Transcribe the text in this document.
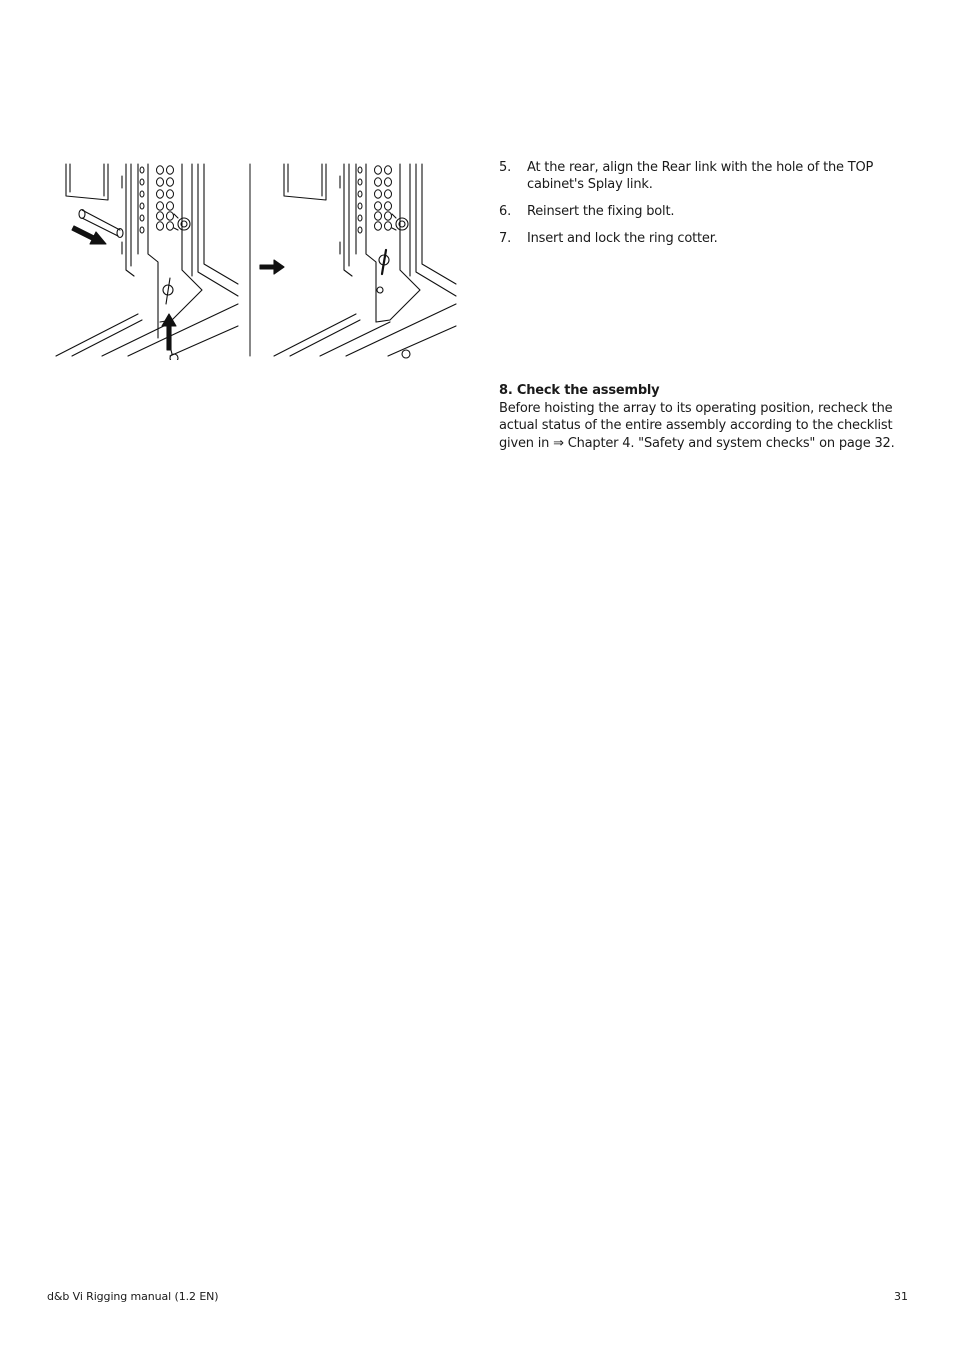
5. At the rear, align the Rear link with the hole of the TOP cabinet's Splay link.
6. Reinsert the fixing bolt.
7. Insert and lock the ring cotter.
8. Check the assembly

Before hoisting the array to its operating position, recheck the actual status of the entire assembly according to the checklist given in ⇒ Chapter 4. "Safety and system checks" on page 32.

d&b Vi Rigging manual (1.2 EN)	31
